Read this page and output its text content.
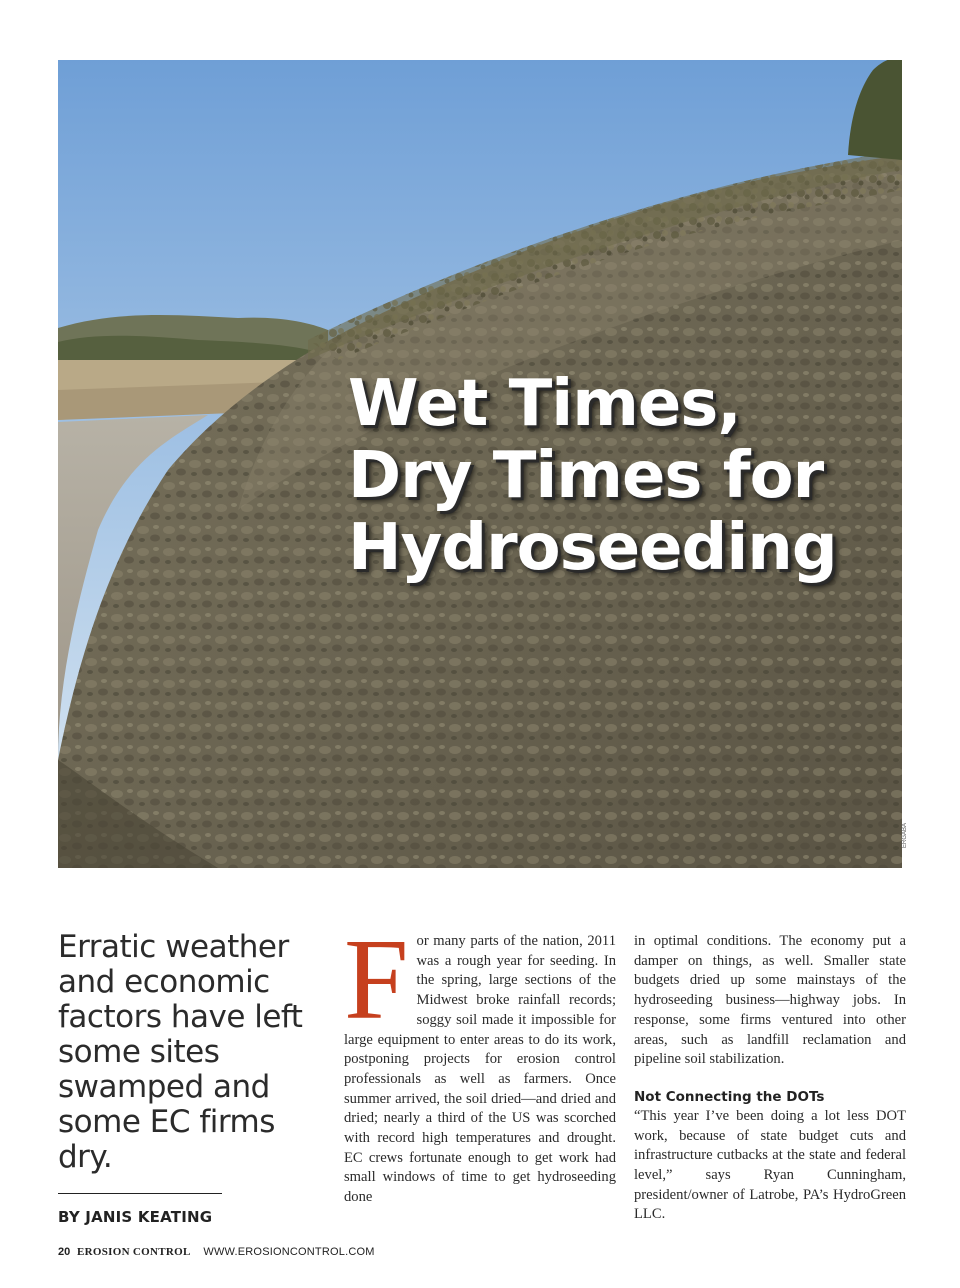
Wet Times,
Dry Times for
Hydroseeding
ERGABA
Erratic weather and economic factors have left some sites swamped and some EC firms dry.
BY JANIS KEATING
F or many parts of the nation, 2011 was a rough year for seeding. In the spring, large sections of the Midwest broke rainfall records; soggy soil made it impossible for large equipment to enter areas to do its work, postponing projects for erosion control professionals as well as farmers. Once summer arrived, the soil dried—and dried and dried; nearly a third of the US was scorched with record high temperatures and drought. EC crews fortunate enough to get work had small windows of time to get hydroseeding done

in optimal conditions. The economy put a damper on things, as well. Smaller state budgets dried up some mainstays of the hydroseeding business—highway jobs. In response, some firms ventured into other areas, such as landfill reclamation and pipeline soil stabilization.

Not Connecting the DOTs

“This year I’ve been doing a lot less DOT work, because of state budget cuts and infrastructure cutbacks at the state and federal level,” says Ryan Cunningham, president/owner of Latrobe, PA’s HydroGreen LLC.

20 EROSION CONTROL WWW.EROSIONCONTROL.COM
